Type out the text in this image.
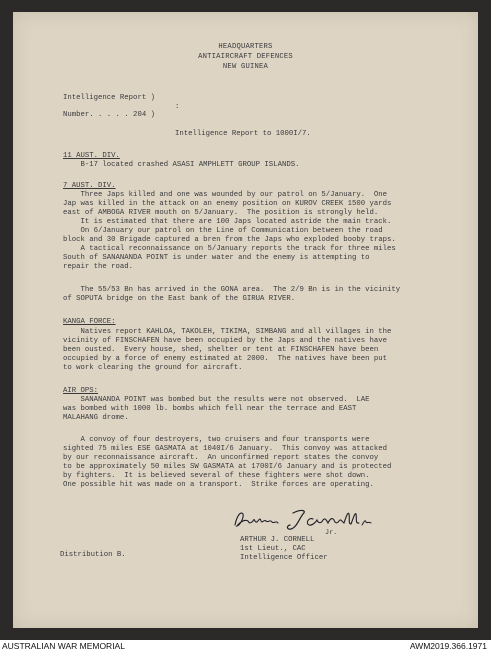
HEADQUARTERS
ANTIAIRCRAFT DEFENCES
NEW GUINEA
Intelligence Report )
:
Number. . . . . 204 )
Intelligence Report to 1000I/7.
11 AUST. DIV.
B-17 located crashed ASASI AMPHLETT GROUP ISLANDS.
7 AUST. DIV.
Three Japs killed and one was wounded by our patrol on 5/January.  One
Jap was killed in the attack on an enemy position on KUROV CREEK 1500 yards
east of AMBOGA RIVER mouth on 5/January.  The position is strongly held.
It is estimated that there are 100 Japs located astride the main track.
On 6/January our patrol on the Line of Communication between the road
block and 30 Brigade captured a bren from the Japs who exploded booby traps.
A tactical reconnaissance on 5/January reports the track for three miles
South of SANANANDA POINT is under water and the enemy is attempting to
repair the road.
The 55/53 Bn has arrived in the GONA area.  The 2/9 Bn is in the vicinity
of SOPUTA bridge on the East bank of the GIRUA RIVER.
KANGA FORCE:
Natives report KAHLOA, TAKOLEH, TIKIMA, SIMBANG and all villages in the
vicinity of FINSCHAFEN have been occupied by the Japs and the natives have
been ousted.  Every house, shed, shelter or tent at FINSCHAFEN have been
occupied by a force of enemy estimated at 2000.  The natives have been put
to work clearing the ground for aircraft.
AIR OPS:
SANANANDA POINT was bombed but the results were not observed.  LAE
was bombed with 1000 lb. bombs which fell near the terrace and EAST
MALAHANG drome.
A convoy of four destroyers, two cruisers and four transports were
sighted 75 miles ESE GASMATA at 1040I/6 January.  This convoy was attacked
by our reconnaissance aircraft.  An unconfirmed report states the convoy
to be approximately 50 miles SW GASMATA at 1700I/6 January and is protected
by fighters.  It is believed several of these fighters were shot down.
One possible hit was made on a transport.  Strike forces are operating.
Jr.
ARTHUR J. CORNELL
1st Lieut., CAC
Intelligence Officer
Distribution B.
AUSTRALIAN WAR MEMORIAL	AWM2019.366.1971
